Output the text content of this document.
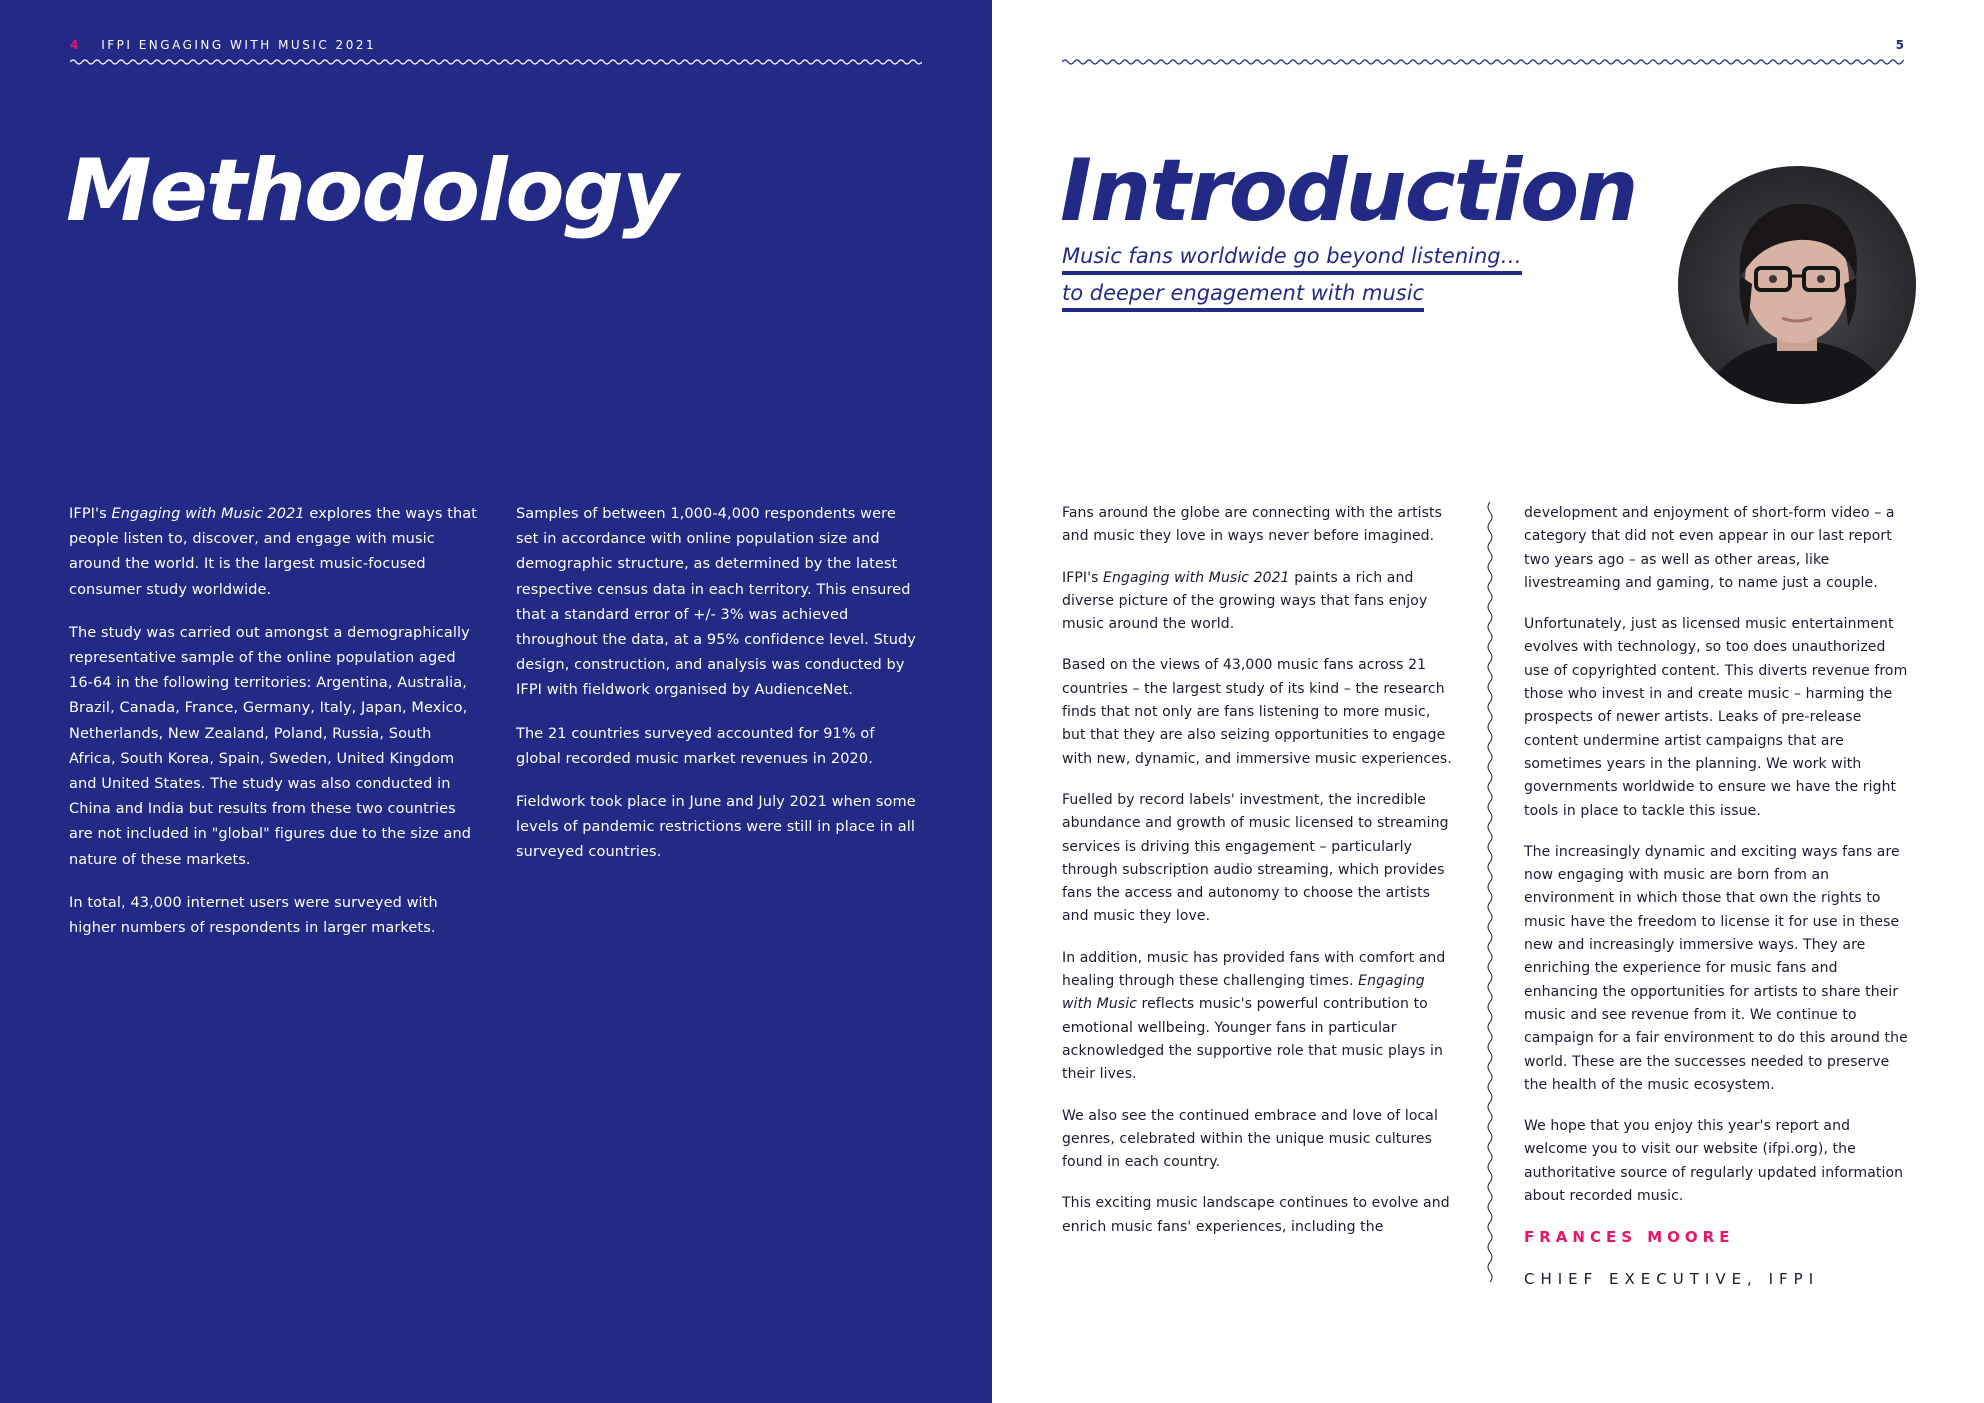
4 IFPI ENGAGING WITH MUSIC 2021
Methodology

IFPI's Engaging with Music 2021 explores the ways that people listen to, discover, and engage with music around the world. It is the largest music-focused consumer study worldwide.

The study was carried out amongst a demographically representative sample of the online population aged 16-64 in the following territories: Argentina, Australia, Brazil, Canada, France, Germany, Italy, Japan, Mexico, Netherlands, New Zealand, Poland, Russia, South Africa, South Korea, Spain, Sweden, United Kingdom and United States. The study was also conducted in China and India but results from these two countries are not included in "global" figures due to the size and nature of these markets.

In total, 43,000 internet users were surveyed with higher numbers of respondents in larger markets.

Samples of between 1,000-4,000 respondents were set in accordance with online population size and demographic structure, as determined by the latest respective census data in each territory. This ensured that a standard error of +/- 3% was achieved throughout the data, at a 95% confidence level. Study design, construction, and analysis was conducted by IFPI with fieldwork organised by AudienceNet.

The 21 countries surveyed accounted for 91% of global recorded music market revenues in 2020.

Fieldwork took place in June and July 2021 when some levels of pandemic restrictions were still in place in all surveyed countries.

5
Introduction

Music fans worldwide go beyond listening…

to deeper engagement with music

Fans around the globe are connecting with the artists and music they love in ways never before imagined.

IFPI's Engaging with Music 2021 paints a rich and diverse picture of the growing ways that fans enjoy music around the world.

Based on the views of 43,000 music fans across 21 countries – the largest study of its kind – the research finds that not only are fans listening to more music, but that they are also seizing opportunities to engage with new, dynamic, and immersive music experiences.

Fuelled by record labels' investment, the incredible abundance and growth of music licensed to streaming services is driving this engagement – particularly through subscription audio streaming, which provides fans the access and autonomy to choose the artists and music they love.

In addition, music has provided fans with comfort and healing through these challenging times. Engaging with Music reflects music's powerful contribution to emotional wellbeing. Younger fans in particular acknowledged the supportive role that music plays in their lives.

We also see the continued embrace and love of local genres, celebrated within the unique music cultures found in each country.

This exciting music landscape continues to evolve and enrich music fans' experiences, including the

development and enjoyment of short-form video – a category that did not even appear in our last report two years ago – as well as other areas, like livestreaming and gaming, to name just a couple.

Unfortunately, just as licensed music entertainment evolves with technology, so too does unauthorized use of copyrighted content. This diverts revenue from those who invest in and create music – harming the prospects of newer artists. Leaks of pre-release content undermine artist campaigns that are sometimes years in the planning. We work with governments worldwide to ensure we have the right tools in place to tackle this issue.

The increasingly dynamic and exciting ways fans are now engaging with music are born from an environment in which those that own the rights to music have the freedom to license it for use in these new and increasingly immersive ways. They are enriching the experience for music fans and enhancing the opportunities for artists to share their music and see revenue from it. We continue to campaign for a fair environment to do this around the world. These are the successes needed to preserve the health of the music ecosystem.

We hope that you enjoy this year's report and welcome you to visit our website (ifpi.org), the authoritative source of regularly updated information about recorded music.

FRANCES MOORE

CHIEF EXECUTIVE, IFPI
